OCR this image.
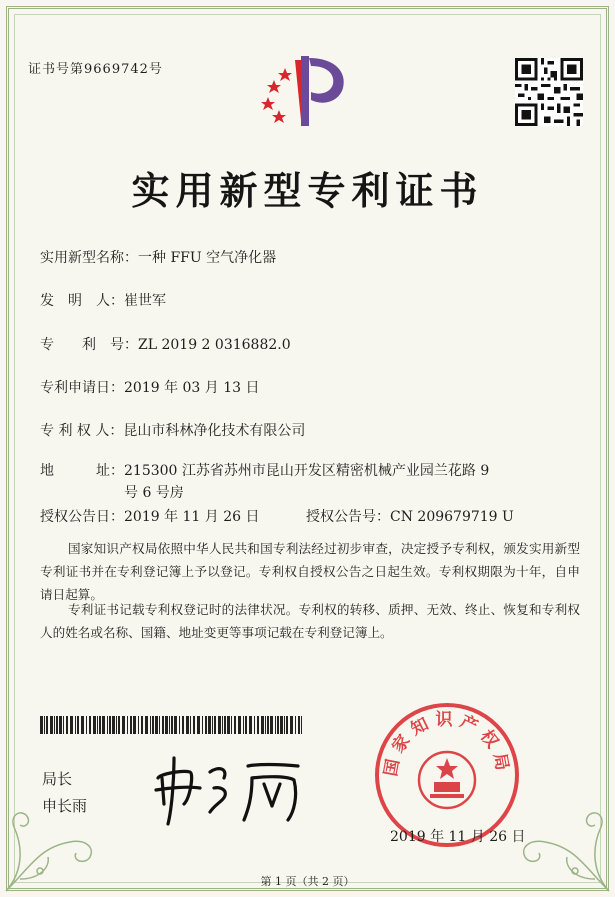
证书号第9669742号
实用新型专利证书
实用新型名称：一种 FFU 空气净化器
发　明　人：崔世军
专　　利　号：ZL 2019 2 0316882.0
专利申请日：2019 年 03 月 13 日
专 利 权 人：昆山市科林净化技术有限公司
地　　　址：215300 江苏省苏州市昆山开发区精密机械产业园兰花路 9 号 6 号房
授权公告日：2019 年 11 月 26 日	授权公告号：CN 209679719 U
国家知识产权局依照中华人民共和国专利法经过初步审查，决定授予专利权，颁发实用新型专利证书并在专利登记簿上予以登记。专利权自授权公告之日起生效。专利权期限为十年，自申请日起算。
专利证书记载专利权登记时的法律状况。专利权的转移、质押、无效、终止、恢复和专利权人的姓名或名称、国籍、地址变更等事项记载在专利登记簿上。
局长
申长雨
国家知识产权局
2019 年 11 月 26 日
第 1 页（共 2 页）
